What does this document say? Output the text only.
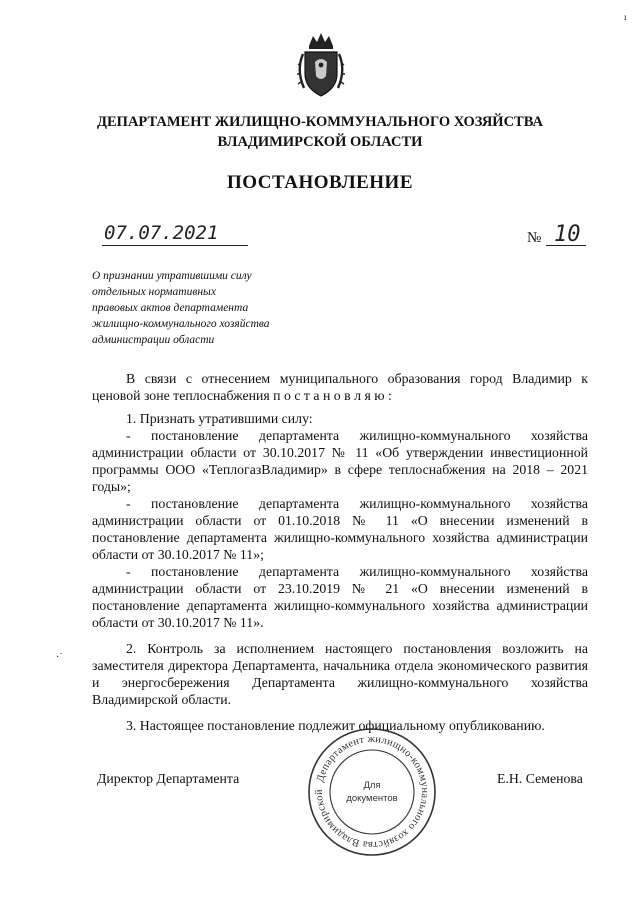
ı
ДЕПАРТАМЕНТ ЖИЛИЩНО-КОММУНАЛЬНОГО ХОЗЯЙСТВА
ВЛАДИМИРСКОЙ ОБЛАСТИ
ПОСТАНОВЛЕНИЕ
07.07.2021	№ 10
О признании утратившими силу
отдельных нормативных
правовых актов департамента
жилищно-коммунального хозяйства
администрации области

В связи с отнесением муниципального образования город Владимир к ценовой зоне теплоснабжения п о с т а н о в л я ю :

1. Признать утратившими силу:

- постановление департамента жилищно-коммунального хозяйства администрации области от 30.10.2017 № 11 «Об утверждении инвестиционной программы ООО «ТеплогазВладимир» в сфере теплоснабжения на 2018 – 2021 годы»;

- постановление департамента жилищно-коммунального хозяйства администрации области от 01.10.2018 № 11 «О внесении изменений в постановление департамента жилищно-коммунального хозяйства администрации области от 30.10.2017 № 11»;

- постановление департамента жилищно-коммунального хозяйства администрации области от 23.10.2019 № 21 «О внесении изменений в постановление департамента жилищно-коммунального хозяйства администрации области от 30.10.2017 № 11».

2. Контроль за исполнением настоящего постановления возложить на заместителя директора Департамента, начальника отдела экономического развития и энергосбережения Департамента жилищно-коммунального хозяйства Владимирской области.

3. Настоящее постановление подлежит официальному опубликованию.

·˙
Департамент жилищно-коммунального хозяйства Владимирской
Для
документов
Директор Департамента	Е.Н. Семенова
